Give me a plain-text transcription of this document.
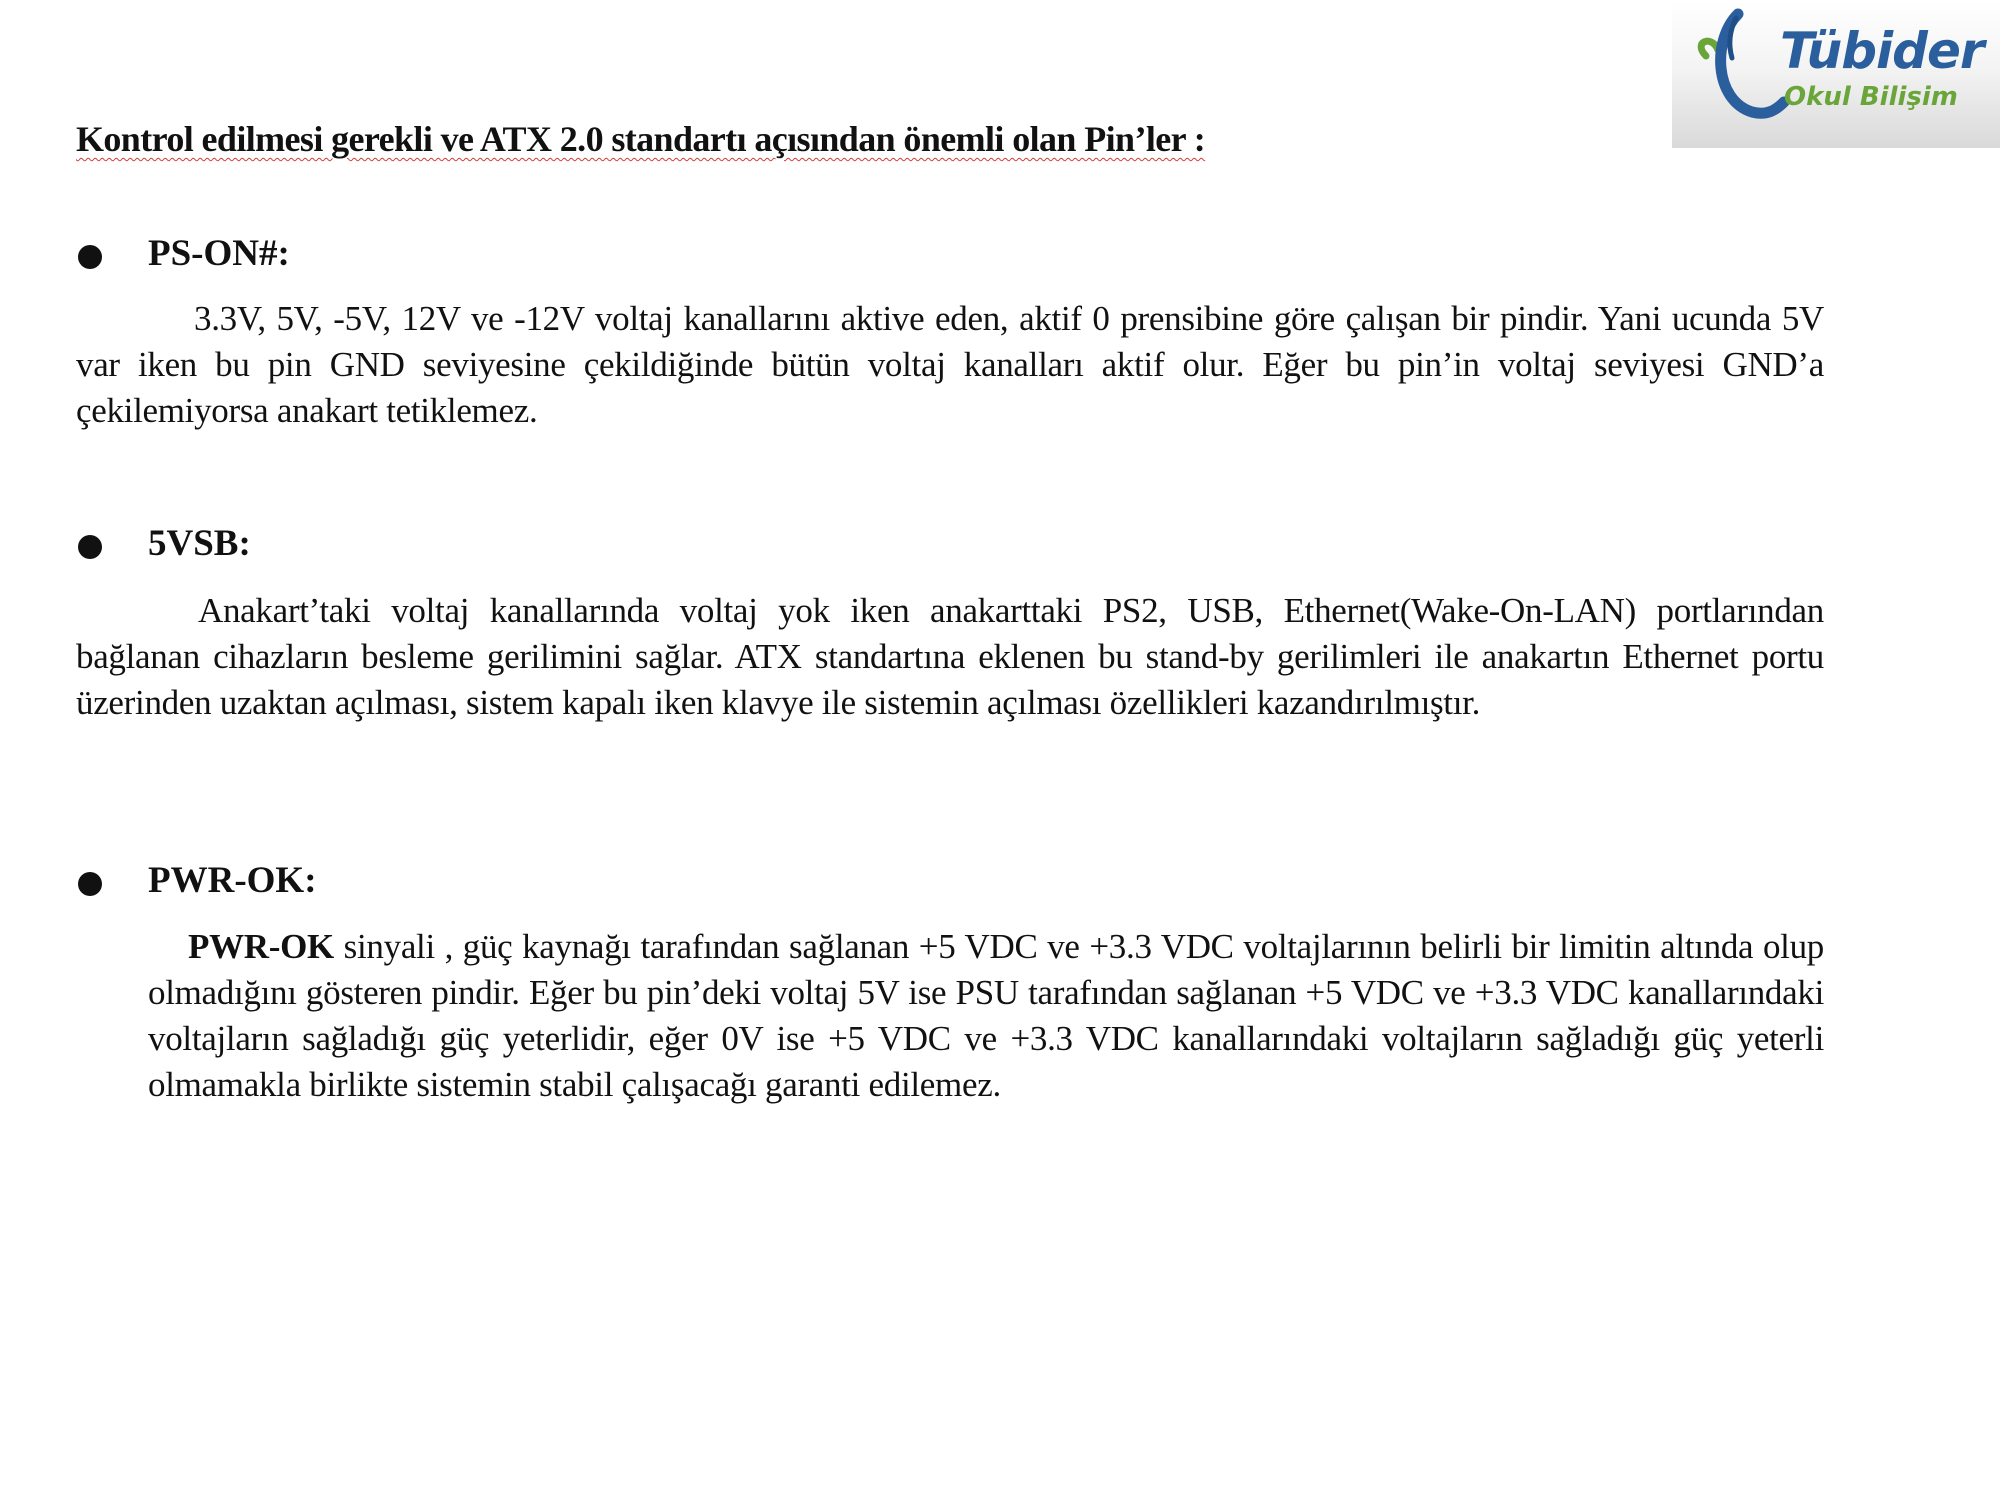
Tübider
Okul Bilişim
Kontrol edilmesi gerekli ve ATX 2.0 standartı açısından önemli olan Pin’ler :
PS-ON#:
3.3V, 5V, -5V, 12V ve -12V voltaj kanallarını aktive eden, aktif 0 prensibine göre çalışan bir pindir. Yani ucunda 5V var iken bu pin GND seviyesine çekildiğinde bütün voltaj kanalları aktif olur. Eğer bu pin’in voltaj seviyesi GND’a çekilemiyorsa anakart tetiklemez.
5VSB:
Anakart’taki voltaj kanallarında voltaj yok iken anakarttaki PS2, USB, Ethernet(Wake-On-LAN) portlarından bağlanan cihazların besleme gerilimini sağlar. ATX standartına eklenen bu stand-by gerilimleri ile anakartın Ethernet portu üzerinden uzaktan açılması, sistem kapalı iken klavye ile sistemin açılması özellikleri kazandırılmıştır.
PWR-OK:
PWR-OK sinyali , güç kaynağı tarafından sağlanan +5 VDC ve +3.3 VDC voltajlarının belirli bir limitin altında olup olmadığını gösteren pindir. Eğer bu pin’deki voltaj 5V ise PSU tarafından sağlanan +5 VDC ve +3.3 VDC kanallarındaki voltajların sağladığı güç yeterlidir, eğer 0V ise +5 VDC ve +3.3 VDC kanallarındaki voltajların sağladığı güç yeterli olmamakla birlikte sistemin stabil çalışacağı garanti edilemez.
